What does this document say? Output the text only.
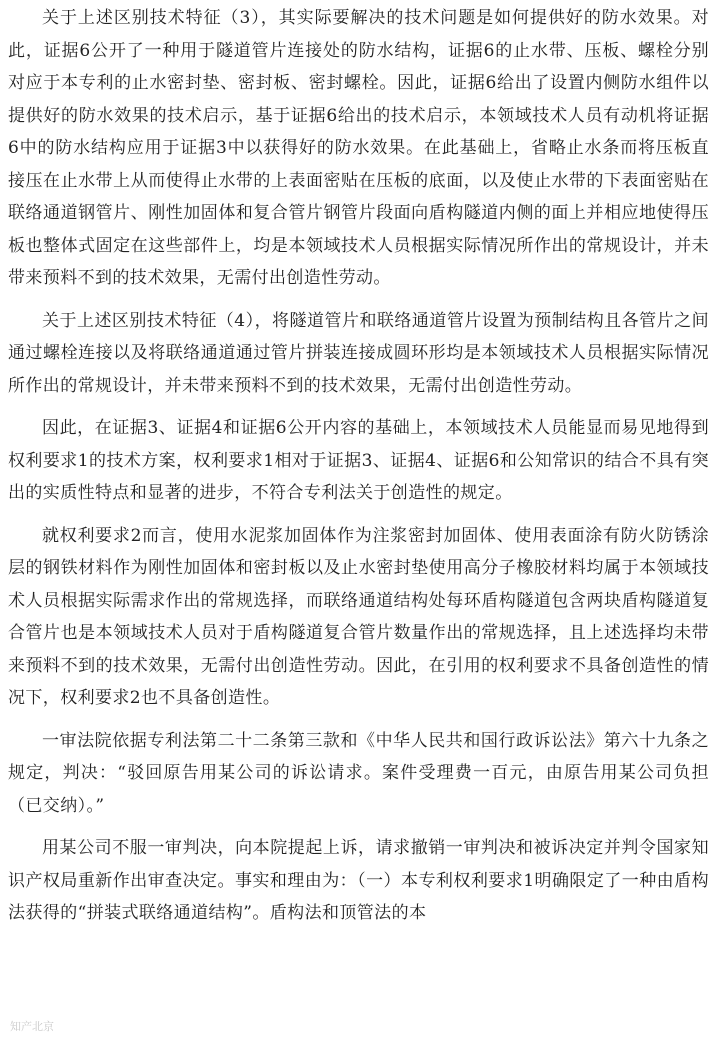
关于上述区别技术特征（3），其实际要解决的技术问题是如何提供好的防水效果。对此，证据6公开了一种用于隧道管片连接处的防水结构，证据6的止水带、压板、螺栓分别对应于本专利的止水密封垫、密封板、密封螺栓。因此，证据6给出了设置内侧防水组件以提供好的防水效果的技术启示，基于证据6给出的技术启示，本领域技术人员有动机将证据6中的防水结构应用于证据3中以获得好的防水效果。在此基础上，省略止水条而将压板直接压在止水带上从而使得止水带的上表面密贴在压板的底面，以及使止水带的下表面密贴在联络通道钢管片、刚性加固体和复合管片钢管片段面向盾构隧道内侧的面上并相应地使得压板也整体式固定在这些部件上，均是本领域技术人员根据实际情况所作出的常规设计，并未带来预料不到的技术效果，无需付出创造性劳动。

关于上述区别技术特征（4），将隧道管片和联络通道管片设置为预制结构且各管片之间通过螺栓连接以及将联络通道通过管片拼装连接成圆环形均是本领域技术人员根据实际情况所作出的常规设计，并未带来预料不到的技术效果，无需付出创造性劳动。

因此，在证据3、证据4和证据6公开内容的基础上，本领域技术人员能显而易见地得到权利要求1的技术方案，权利要求1相对于证据3、证据4、证据6和公知常识的结合不具有突出的实质性特点和显著的进步，不符合专利法关于创造性的规定。

就权利要求2而言，使用水泥浆加固体作为注浆密封加固体、使用表面涂有防火防锈涂层的钢铁材料作为刚性加固体和密封板以及止水密封垫使用高分子橡胶材料均属于本领域技术人员根据实际需求作出的常规选择，而联络通道结构处每环盾构隧道包含两块盾构隧道复合管片也是本领域技术人员对于盾构隧道复合管片数量作出的常规选择，且上述选择均未带来预料不到的技术效果，无需付出创造性劳动。因此，在引用的权利要求不具备创造性的情况下，权利要求2也不具备创造性。

一审法院依据专利法第二十二条第三款和《中华人民共和国行政诉讼法》第六十九条之规定，判决：“驳回原告用某公司的诉讼请求。案件受理费一百元，由原告用某公司负担（已交纳）。”

用某公司不服一审判决，向本院提起上诉，请求撤销一审判决和被诉决定并判令国家知识产权局重新作出审查决定。事实和理由为：（一）本专利权利要求1明确限定了一种由盾构法获得的“拼装式联络通道结构”。盾构法和顶管法的本

知产北京
